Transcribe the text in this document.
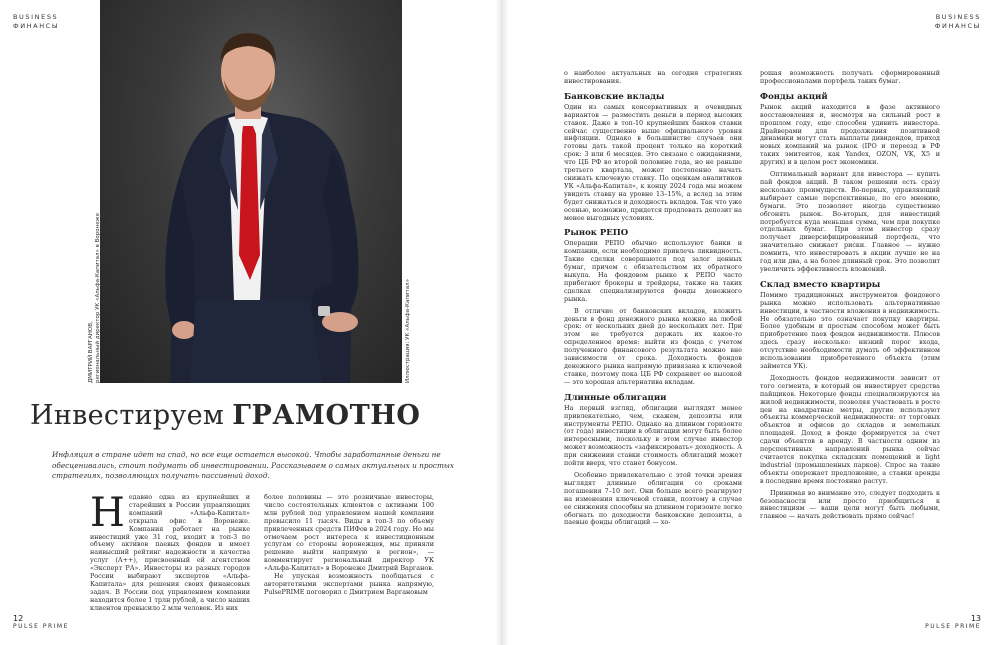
BUSINESS
ФИНАНСЫ
BUSINESS
ФИНАНСЫ
ДМИТРИЙ ВАРГАНОВ, региональный директор УК «Альфа-Капитал» в Воронеже	Иллюстрация: УК «Альфа-Капитал»
Инвестируем ГРАМОТНО
Инфляция в стране идет на спад, но все еще остается высокой. Чтобы заработанные деньги не обесценивались, стоит подумать об инвестировании. Рассказываем о самых актуальных и простых стратегиях, позволяющих получать пассивный доход.
Н едавно одна из крупнейших и старейших в России управляющих компаний «Альфа-Капитал» открыла офис в Воронеже. Компания работает на рынке инвестиций уже 31 год, входит в топ-3 по объему активов паевых фондов и имеет наивысший рейтинг надежности и качества услуг (А++), присвоенный ей агентством «Эксперт РА». Инвесторы из разных городов России выбирают экспертов «Альфа-Капитала» для решения своих финансовых задач. В России под управлением компании находится более 1 трлн рублей, а число наших клиентов превысило 2 млн человек. Из них

более половины — это розничные инвесторы, число состоятельных клиентов с активами 100 млн рублей под управлением нашей компании превысило 11 тысяч. Виды в топ-3 по объему привлеченных средств ПИФов в 2024 году. Но мы отмечаем рост интереса к инвестиционным услугам со стороны воронежцев, мы приняли решение выйти напрямую в регион», — комментирует региональный директор УК «Альфа-Капитал» в Воронеже Дмитрий Варганов.

Не упуская возможность пообщаться с авторитетными экспертами рынка напрямую, PulsePRIME поговорил с Дмитрием Варгановым

о наиболее актуальных на сегодня стратегиях инвестирования.

Банковские вклады

Один из самых консервативных и очевидных вариантов — разместить деньги в период высоких ставок. Даже в топ-10 крупнейших банков ставки сейчас существенно выше официального уровня инфляции. Однако в большинстве случаев они готовы дать такой процент только на короткий срок: 3 или 6 месяцев. Это связано с ожиданиями, что ЦБ РФ во второй половине года, но не раньше третьего квартала, может постепенно начать снижать ключевую ставку. По оценкам аналитиков УК «Альфа-Капитал», к концу 2024 года мы можем увидеть ставку на уровне 13–15%, а вслед за этим будет снижаться и доходность вкладов. Так что уже осенью, возможно, придется продлевать депозит на менее выгодных условиях.

Рынок РЕПО

Операции РЕПО обычно используют банки и компании, если необходимо привлечь ликвидность. Такие сделки совершаются под залог ценных бумаг, причем с обязательством их обратного выкупа. На фондовом рынке к РЕПО часто прибегают брокеры и трейдеры, также на таких сделках специализируются фонды денежного рынка.

В отличие от банковских вкладов, вложить деньги в фонд денежного рынка можно на любой срок: от нескольких дней до нескольких лет. При этом не требуется держать их какое-то определенное время: выйти из фонда с учетом полученного финансового результата можно вне зависимости от срока. Доходность фондов денежного рынка напрямую привязана к ключевой ставке, поэтому пока ЦБ РФ сохраняет ее высокой — это хорошая альтернатива вкладам.

Длинные облигации

На первый взгляд, облигации выглядят менее привлекательно, чем, скажем, депозиты или инструменты РЕПО. Однако на длинном горизонте (от года) инвестиции в облигации могут быть более интересными, поскольку в этом случае инвестор может возможность «зафиксировать» доходность. А при снижении ставки стоимость облигаций может пойти вверх, что станет бонусом.

Особенно привлекательно с этой точки зрения выглядят длинные облигации со сроками погашения 7–10 лет. Они больше всего реагируют на изменения ключевой ставки, поэтому в случае ее снижения способны на длинном горизонте легко обогнать по доходности банковские депозиты, а паевые фонды облигаций — хо-

рошая возможность получать сформированный профессионалами портфель таких бумаг.

Фонды акций

Рынок акций находится в фазе активного восстановления и, несмотря на сильный рост в прошлом году, еще способен удивить инвестора. Драйверами для продолжения позитивной динамики могут стать выплаты дивидендов, приход новых компаний на рынок (IPO и переезд в РФ таких эмитентов, как Yandex, OZON, VK, X5 и других) и в целом рост экономики.

Оптимальный вариант для инвестора — купить пай фондов акций. В таком решении есть сразу несколько преимуществ. Во-первых, управляющий выбирает самые перспективные, по его мнению, бумаги. Это позволяет иногда существенно обгонять рынок. Во-вторых, для инвестиций потребуется куда меньшая сумма, чем при покупке отдельных бумаг. При этом инвестор сразу получает диверсифицированный портфель, что значительно снижает риски. Главное — нужно помнить, что инвестировать в акции лучше не на год или два, а на более длинный срок. Это позволит увеличить эффективность вложений.

Склад вместо квартиры

Помимо традиционных инструментов фондового рынка можно использовать альтернативные инвестиции, в частности вложения в недвижимость. Не обязательно это означает покупку квартиры. Более удобным и простым способом может быть приобретение паев фондов недвижимости. Плюсов здесь сразу несколько: низкий порог входа, отсутствие необходимости думать об эффективном использовании приобретенного объекта (этим займется УК).

Доходность фондов недвижимости зависит от того сегмента, в который он инвестирует средства пайщиков. Некоторые фонды специализируются на жилой недвижимости, позволяя участвовать в росте цен на квадратные метры, другие используют объекты коммерческой недвижимости: от торговых объектов и офисов до складов и земельных площадей. Доход в фонде формируется за счет сдачи объектов в аренду. В частности одним из перспективных направлений рынка сейчас считается покупка складских помещений и light industrial (промышленных парков). Спрос на такие объекты опережает предложение, а ставки аренды в последние время постоянно растут.

Принимая во внимание это, следует подходить к безопасности или просто приобщиться к инвестициям — ваши цели могут быть любыми, главное — начать действовать прямо сейчас!

12
PULSE PRIME
13
PULSE PRIME
